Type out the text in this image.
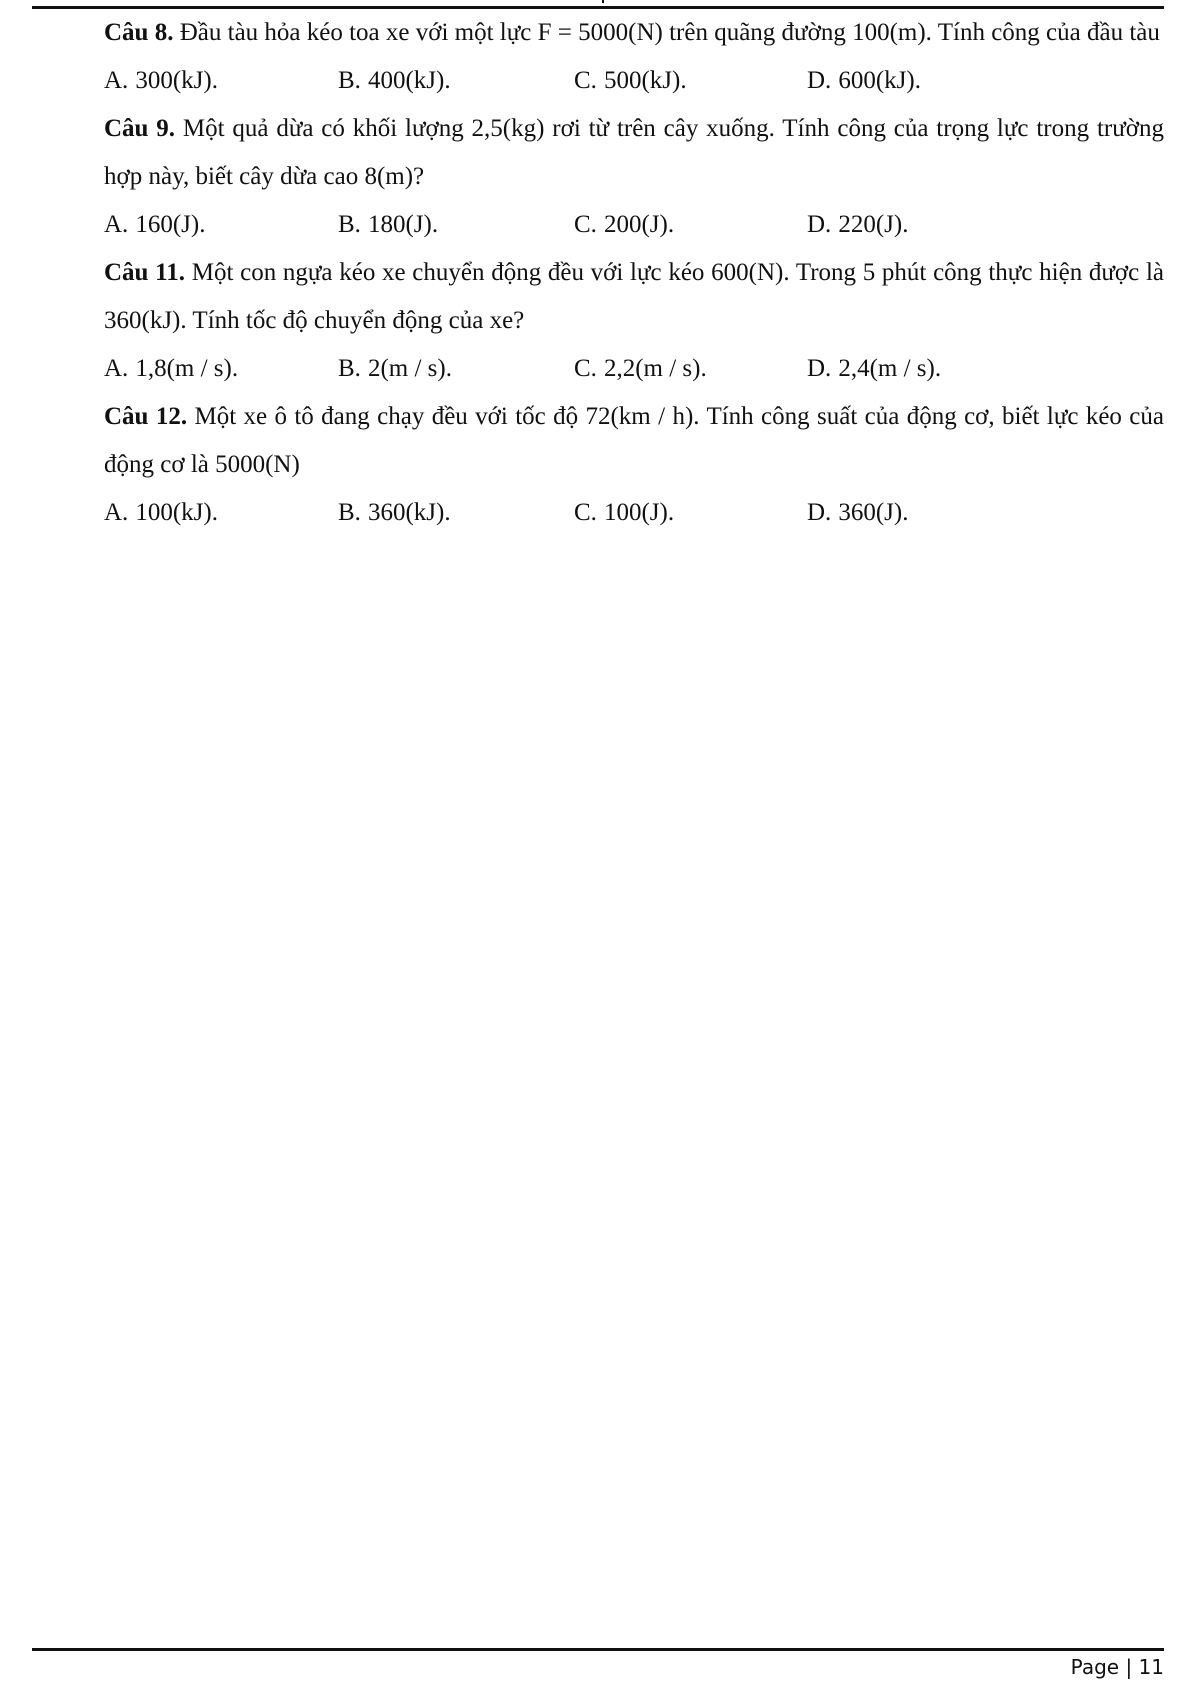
Câu 8. Đầu tàu hỏa kéo toa xe với một lực F = 5000(N) trên quãng đường 100(m). Tính công của đầu tàu

A. 300(kJ).	B. 400(kJ).	C. 500(kJ).	D. 600(kJ).

Câu 9. Một quả dừa có khối lượng 2,5(kg) rơi từ trên cây xuống. Tính công của trọng lực trong trường hợp này, biết cây dừa cao 8(m)?

A. 160(J).	B. 180(J).	C. 200(J).	D. 220(J).

Câu 11. Một con ngựa kéo xe chuyển động đều với lực kéo 600(N). Trong 5 phút công thực hiện được là 360(kJ). Tính tốc độ chuyển động của xe?

A. 1,8(m / s).	B. 2(m / s).	C. 2,2(m / s).	D. 2,4(m / s).

Câu 12. Một xe ô tô đang chạy đều với tốc độ 72(km / h). Tính công suất của động cơ, biết lực kéo của động cơ là 5000(N)

A. 100(kJ).	B. 360(kJ).	C. 100(J).	D. 360(J).
Page | 11
